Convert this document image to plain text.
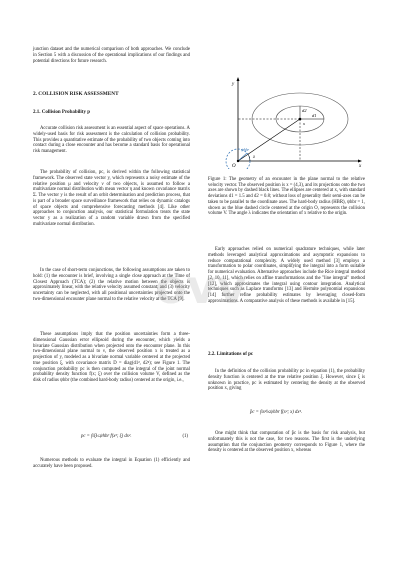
junction dataset and the numerical comparison of both approaches. We conclude in Section 5 with a discussion of the operational implications of our findings and potential directions for future research.

2. COLLISION RISK ASSESSMENT
2.1. Collision Probability p

Accurate collision risk assessment is an essential aspect of space operations. A widely-used basis for risk assessment is the calculation of collision probability. This provides a quantitative estimate of the probability of two objects coming into contact during a close encounter and has become a standard basis for operational risk management.

The probability of collision, pc, is derived within the following statistical framework. The observed state vector y, which represents a noisy estimate of the relative position μ and velocity ν of two objects, is assumed to follow a multivariate normal distribution with mean vector η and known covariance matrix Σ. The vector y is the result of an orbit determination and prediction process, that is part of a broader space surveillance framework that relies on dynamic catalogs of space objects and comprehensive forecasting methods [4]. Like other approaches to conjunction analysis, our statistical formulation treats the state vector y as a realization of a random variable drawn from the specified multivariate normal distribution.

In the case of short-term conjunctions, the following assumptions are taken to hold: (1) the encounter is brief, involving a single close approach at the Time of Closest Approach (TCA); (2) the relative motion between the objects is approximately linear, with the relative velocity assumed constant; and (3) velocity uncertainty can be neglected, with all positional uncertainties projected onto the two-dimensional encounter plane normal to the relative velocity at the TCA [9].

These assumptions imply that the position uncertainties form a three-dimensional Gaussian error ellipsoid during the encounter, which yields a bivariate Gaussian distribution when projected onto the encounter plane. In this two-dimensional plane normal to ν, the observed position x is treated as a projection of y, modeled as a bivariate normal variable centered at the projected true position ξ, with covariance matrix D = diag(d1², d2²); see Figure 1. The conjunction probability pc is then computed as the integral of the joint normal probability density function f(x; ξ) over the collision volume V, defined as the disk of radius ψhbr (the combined hard-body radius) centered at the origin, i.e.,

pc = ∫‖ξ‖≤ψhbr f(x²; ξ) dx².	(1)

Numerous methods to evaluate the integral in Equation (1) efficiently and accurately have been proposed.

y
x
O
λ
ψhbr
d1
d2
x

Figure 1: The geometry of an encounter in the plane normal to the relative velocity vector. The observed position is x = (4,3), and its projections onto the two axes are shown by dashed black lines. The ellipses are centered at x, with standard deviations d1 = 1.5 and d2 = 0.8; without loss of generality their semi-axes can be taken to be parallel to the coordinate axes. The hard-body radius (HBR), ψhbr = 1, shown as the blue dashed circle centered at the origin O, represents the collision volume V. The angle λ indicates the orientation of x relative to the origin.

Early approaches relied on numerical quadrature techniques, while later methods leveraged analytical approximations and asymptotic expansions to reduce computational complexity. A widely used method [3] employs a transformation to polar coordinates, simplifying the integral into a form suitable for numerical evaluation. Alternative approaches include the Rice integral method [2, 10, 11], which relies on affine transformations and the "line integral" method [12], which approximates the integral using contour integration. Analytical techniques such as Laplace transforms [13] and Hermite polynomial expansions [14] further refine probability estimates by leveraging closed-form approximations. A comparative analysis of these methods is available in [15].

2.2. Limitations of pc

In the definition of the collision probability pc in equation (1), the probability density function is centered at the true relative position ξ. However, since ξ is unknown in practice, pc is estimated by centering the density at the observed position x, giving

p̂c = ∫‖x²‖≤ψhbr f(x²; x) dx².

One might think that computation of p̂c is the basis for risk analysis, but unfortunately this is not the case, for two reasons. The first is the underlying assumption that the conjunction geometry corresponds to Figure 1, where the density is centered at the observed position x, whereas

ovv
